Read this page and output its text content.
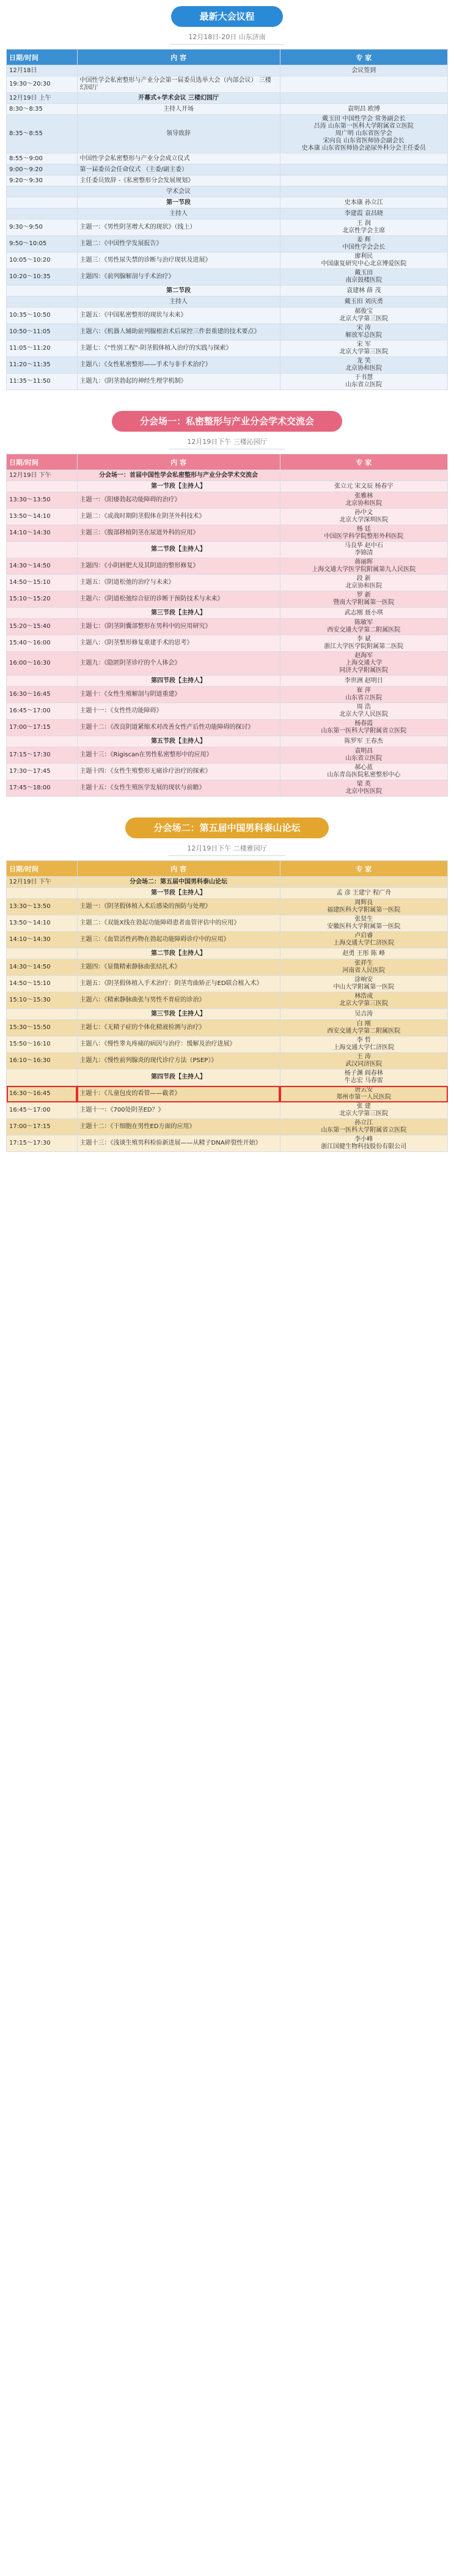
最新大会议程
12月18日-20日 山东济南
日期/时间	内 容	专 家
12月18日		会议签到
19:30～20:30	中国性学会私密整形与产业分会第一届委员选举大会（内部会议） 三楼幻园厅	
12月19日 上午	开幕式+学术会议 三楼幻园厅	
8:30～8:35	主持人开场	袁明昌 欧博
8:35～8:55	领导致辞	戴玉田 中国性学会 常务副会长
吕涛 山东第一医科大学附属省立医院
周广明 山东省医学会
宋向良 山东省医师协会副会长
史本康 山东省医师协会泌尿外科分会主任委员
8:55～9:00	中国性学会私密整形与产业分会成立仪式	
9:00～9:20	第一届委员会任命仪式 （主委/副主委）	
9:20～9:30	主任委员致辞 -《私密整形分会发展规划》	
	学术会议	
	第一节段	史本康 孙立江
	主持人	李建霞 袁昌晓
9:30～9:50	主题一：《男性阴茎增大术的现状》（线上）	王 润
北京性学会主席
9:50～10:05	主题二：《中国性学发展报告》	姜 辉
中国性学会会长
10:05～10:20	主题三：《男性尿失禁的诊断与治疗现状及进展》	廖利民
中国康复研究中心北京博爱医院
10:20～10:35	主题四：《前列腺解剖与手术治疗》	戴玉田
南京鼓楼医院
	第二节段	袁建林 薛 茂
	主持人	戴玉田 刘庆勇
10:35～10:50	主题五：《中国私密整形的现状与未来》	郝俊宝
北京大学第三医院
10:50～11:05	主题六：《机器人辅助前列腺根治术后尿控三件套重建的技术要点》	宋 涛
解放军总医院
11:05～11:20	主题七：《“性别工程”-阴茎假体植入治疗的实践与探索》	宋 军
北京大学第三医院
11:20～11:35	主题八：《女性私密整形——手术与非手术治疗》	龙 笑
北京协和医院
11:35～11:50	主题九：《阴茎勃起的神经生理学机制》	于书慧
山东省立医院
分会场一：私密整形与产业分会学术交流会
12月19日下午 三楼沁园厅
日期/时间	内 容	专 家
12月19日 下午	分会场一：首届中国性学会私密整形与产业分会学术交流会	
	第一节段【主持人】	张立元 宋文辰 杨春宇
13:30～13:50	主题一：《阳痿勃起功能障碍的治疗》	张雅林
北京协和医院
13:50～14:10	主题二：《或战时期阴茎假体在阴茎外科技术》	孙中文
北京大学深圳医院
14:10～14:30	主题三：《腹部移植阴茎在尿道外科的应用》	杨 廷
中国医学科学院整形外科医院
	第二节段【主持人】	马良华 赵中石
李锦清
14:30～14:50	主题四：《小阴唇肥大及其阴道的整形修复》	蒋丽晖
上海交通大学医学院附属第九人民医院
14:50～15:10	主题五：《阴道松弛的治疗与未来》	段 新
北京协和医院
15:10～15:20	主题六：《阴道松弛综合征的诊断于预防技术与未来》	罗 新
暨南大学附属第一医院
	第三节段【主持人】	武志刚 聂小琪
15:20～15:40	主题七：《阴茎阴囊部整形在男科中的应用研究》	陈敏军
西安交通大学第二附属医院
15:40～16:00	主题八：《阴茎整形修复重建手术的思考》	李 斌
浙江大学医学院附属第二医院
16:00～16:30	主题九：《隐匿阴茎诊疗的个人体会》	赵海军
上海交通大学
同济大学附属医院
	第四节段【主持人】	李世洲 赵明日
16:30～16:45	主题十：《女性生殖解剖与阴道重建》	崔 萍
山东省立医院
16:45～17:00	主题十一：《女性性功能障碍》	周 浩
北京大学人民医院
17:00～17:15	主题十二：《改良阴道紧缩术对改善女性产后性功能障碍的探讨》	杨春霞
山东第一医科大学附属省立医院
	第五节段【主持人】	陈罗军 王春杰
17:15～17:30	主题十三：《Rigiscan在男性私密整形中的应用》	袁明昌
山东省立医院
17:30～17:45	主题十四：《女性生殖整形无痛诊疗治疗的探索》	郝心蓝
山东青岛医院私密整形中心
17:45～18:00	主题十五：《女性生殖医学发展的现状与前瞻》	梁 英
北京中医医院
分会场二：第五届中国男科泰山论坛
12月19日下午 二楼雅园厅
日期/时间	内 容	专 家
12月19日 下午	分会场二：第五届中国男科泰山论坛	
	第一节段【主持人】	孟 彦 王建宁 程广舟
13:30～13:50	主题一：《阴茎假体植入术后感染的预防与处理》	周辉良
福建医科大学附属第一医院
13:50～14:10	主题二：《双能X线在勃起功能障碍患者血管评估中的应用》	张贤生
安徽医科大学附属第一医院
14:10～14:30	主题三：《血管活性药物在勃起功能障碍诊疗中的应用》	卢启睿
上海交通大学仁济医院
	第二节段【主持人】	赵勇 王彤 陈 峰
14:30～14:50	主题四：《显微精索静脉曲张结扎术》	张祥生
河南省人民医院
14:50～15:10	主题五：《阴茎假体植入手术治疗：阴茎弯曲矫正与ED联合植入术》	涂响安
中山大学附属第一医院
15:10～15:30	主题六：《精索静脉曲张与男性不育症的诊治》	林浩成
北京大学第三医院
	第三节段【主持人】	吴吉涛
15:30～15:50	主题七：《无精子症的个体化精液检测与治疗》	白 刚
西安交通大学第二附属医院
15:50～16:10	主题八：《慢性睾丸疼痛的病因与治疗：缓解及治疗进展》	李 哲
上海交通大学仁济医院
16:10～16:30	主题九：《慢性前列腺炎的现代诊疗方法（PSEP）》	王 涛
武汉同济医院
	第四节段【主持人】	杨子渊 阎春林
牛志宏 马春雷
16:30～16:45	主题十：《儿童包皮的看管——截者》	唐云安
郑州市第一人民医院
16:45～17:00	主题十一：《700处阴茎ED？》	张 建
北京大学第三医院
17:00～17:15	主题十二：《干细胞在男性ED方面的应用》	孙立江
山东第一医科大学附属省立医院
17:15～17:30	主题十三：《浅谈生殖男科检验新进展——从精子DNA碎裂性开始》	李小峰
浙江国健生物科技股份有限公司
